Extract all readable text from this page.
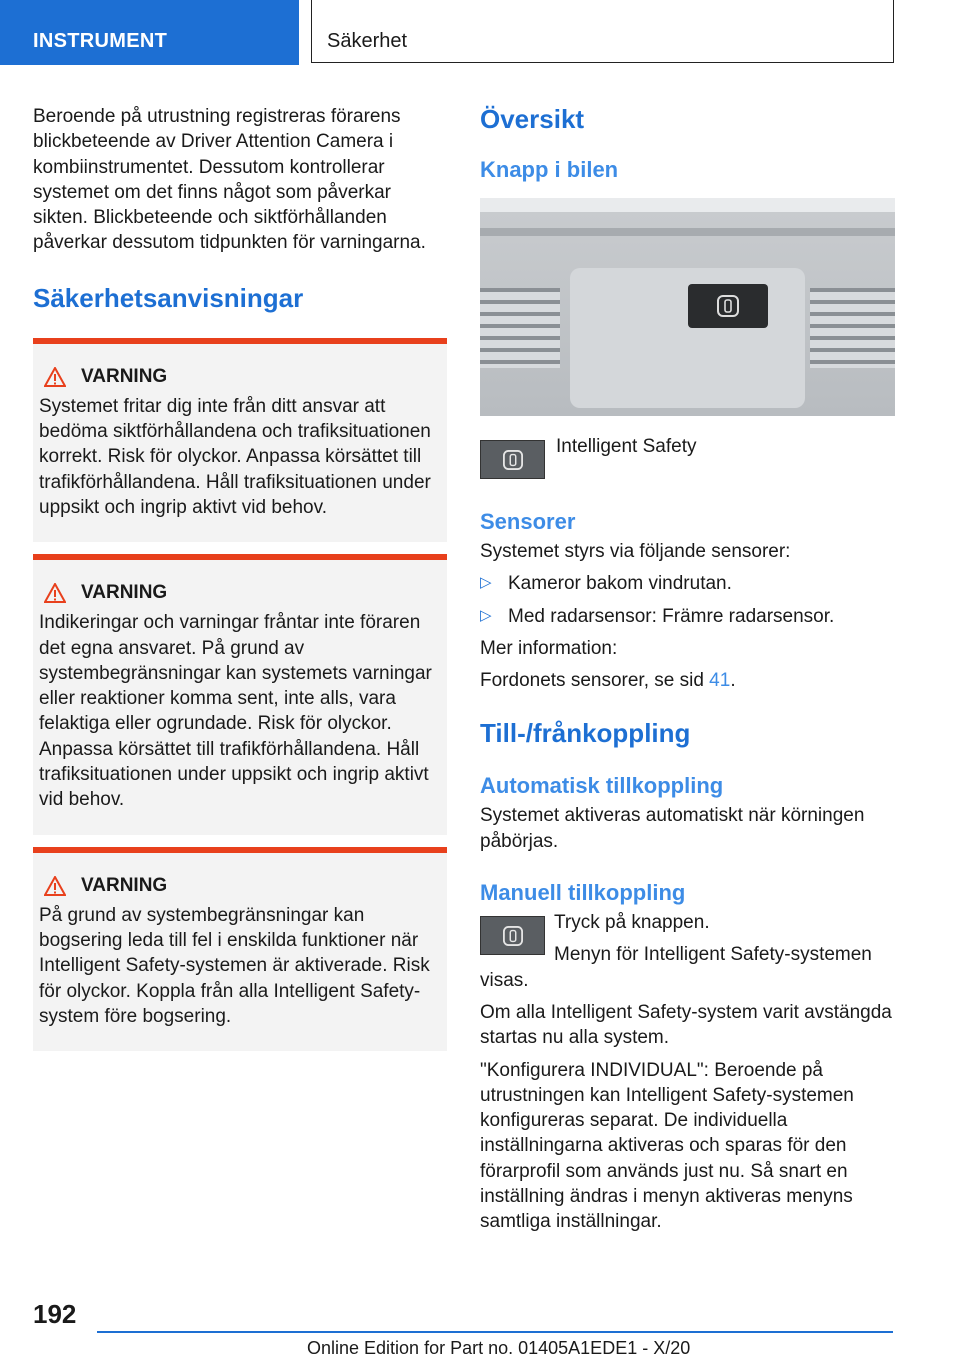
INSTRUMENT	Säkerhet

Beroende på utrustning registreras förarens blickbeteende av Driver Attention Camera i kombiinstrumentet. Dessutom kontrollerar systemet om det finns något som påverkar sikten. Blickbeteende och siktförhållanden påverkar dessutom tidpunkten för varningarna.

Säkerhetsanvisningar
VARNING

Systemet fritar dig inte från ditt ansvar att bedöma siktförhållandena och trafiksituationen korrekt. Risk för olyckor. Anpassa körsättet till trafikförhållandena. Håll trafiksituationen under uppsikt och ingrip aktivt vid behov.

VARNING

Indikeringar och varningar fråntar inte föraren det egna ansvaret. På grund av systembegränsningar kan systemets varningar eller reaktioner komma sent, inte alls, vara felaktiga eller ogrundade. Risk för olyckor. Anpassa körsättet till trafikförhållandena. Håll trafiksituationen under uppsikt och ingrip aktivt vid behov.

VARNING

På grund av systembegränsningar kan bogsering leda till fel i enskilda funktioner när Intelligent Safety-systemen är aktiverade. Risk för olyckor. Koppla från alla Intelligent Safety-system före bogsering.

Översikt
Knapp i bilen

Intelligent Safety

Sensorer

Systemet styrs via följande sensorer:

▷ Kameror bakom vindrutan.

▷ Med radarsensor: Främre radarsensor.

Mer information:

Fordonets sensorer, se sid 41.

Till-/frånkoppling
Automatisk tillkoppling

Systemet aktiveras automatiskt när körningen påbörjas.

Manuell tillkoppling

Tryck på knappen.

Menyn för Intelligent Safety-systemen visas.

Om alla Intelligent Safety-system varit avstängda startas nu alla system.

"Konfigurera INDIVIDUAL": Beroende på utrustningen kan Intelligent Safety-systemen konfigureras separat. De individuella inställningarna aktiveras och sparas för den förarprofil som används just nu. Så snart en inställning ändras i menyn aktiveras menyns samtliga inställningar.

192
Online Edition for Part no. 01405A1EDE1 - X/20
